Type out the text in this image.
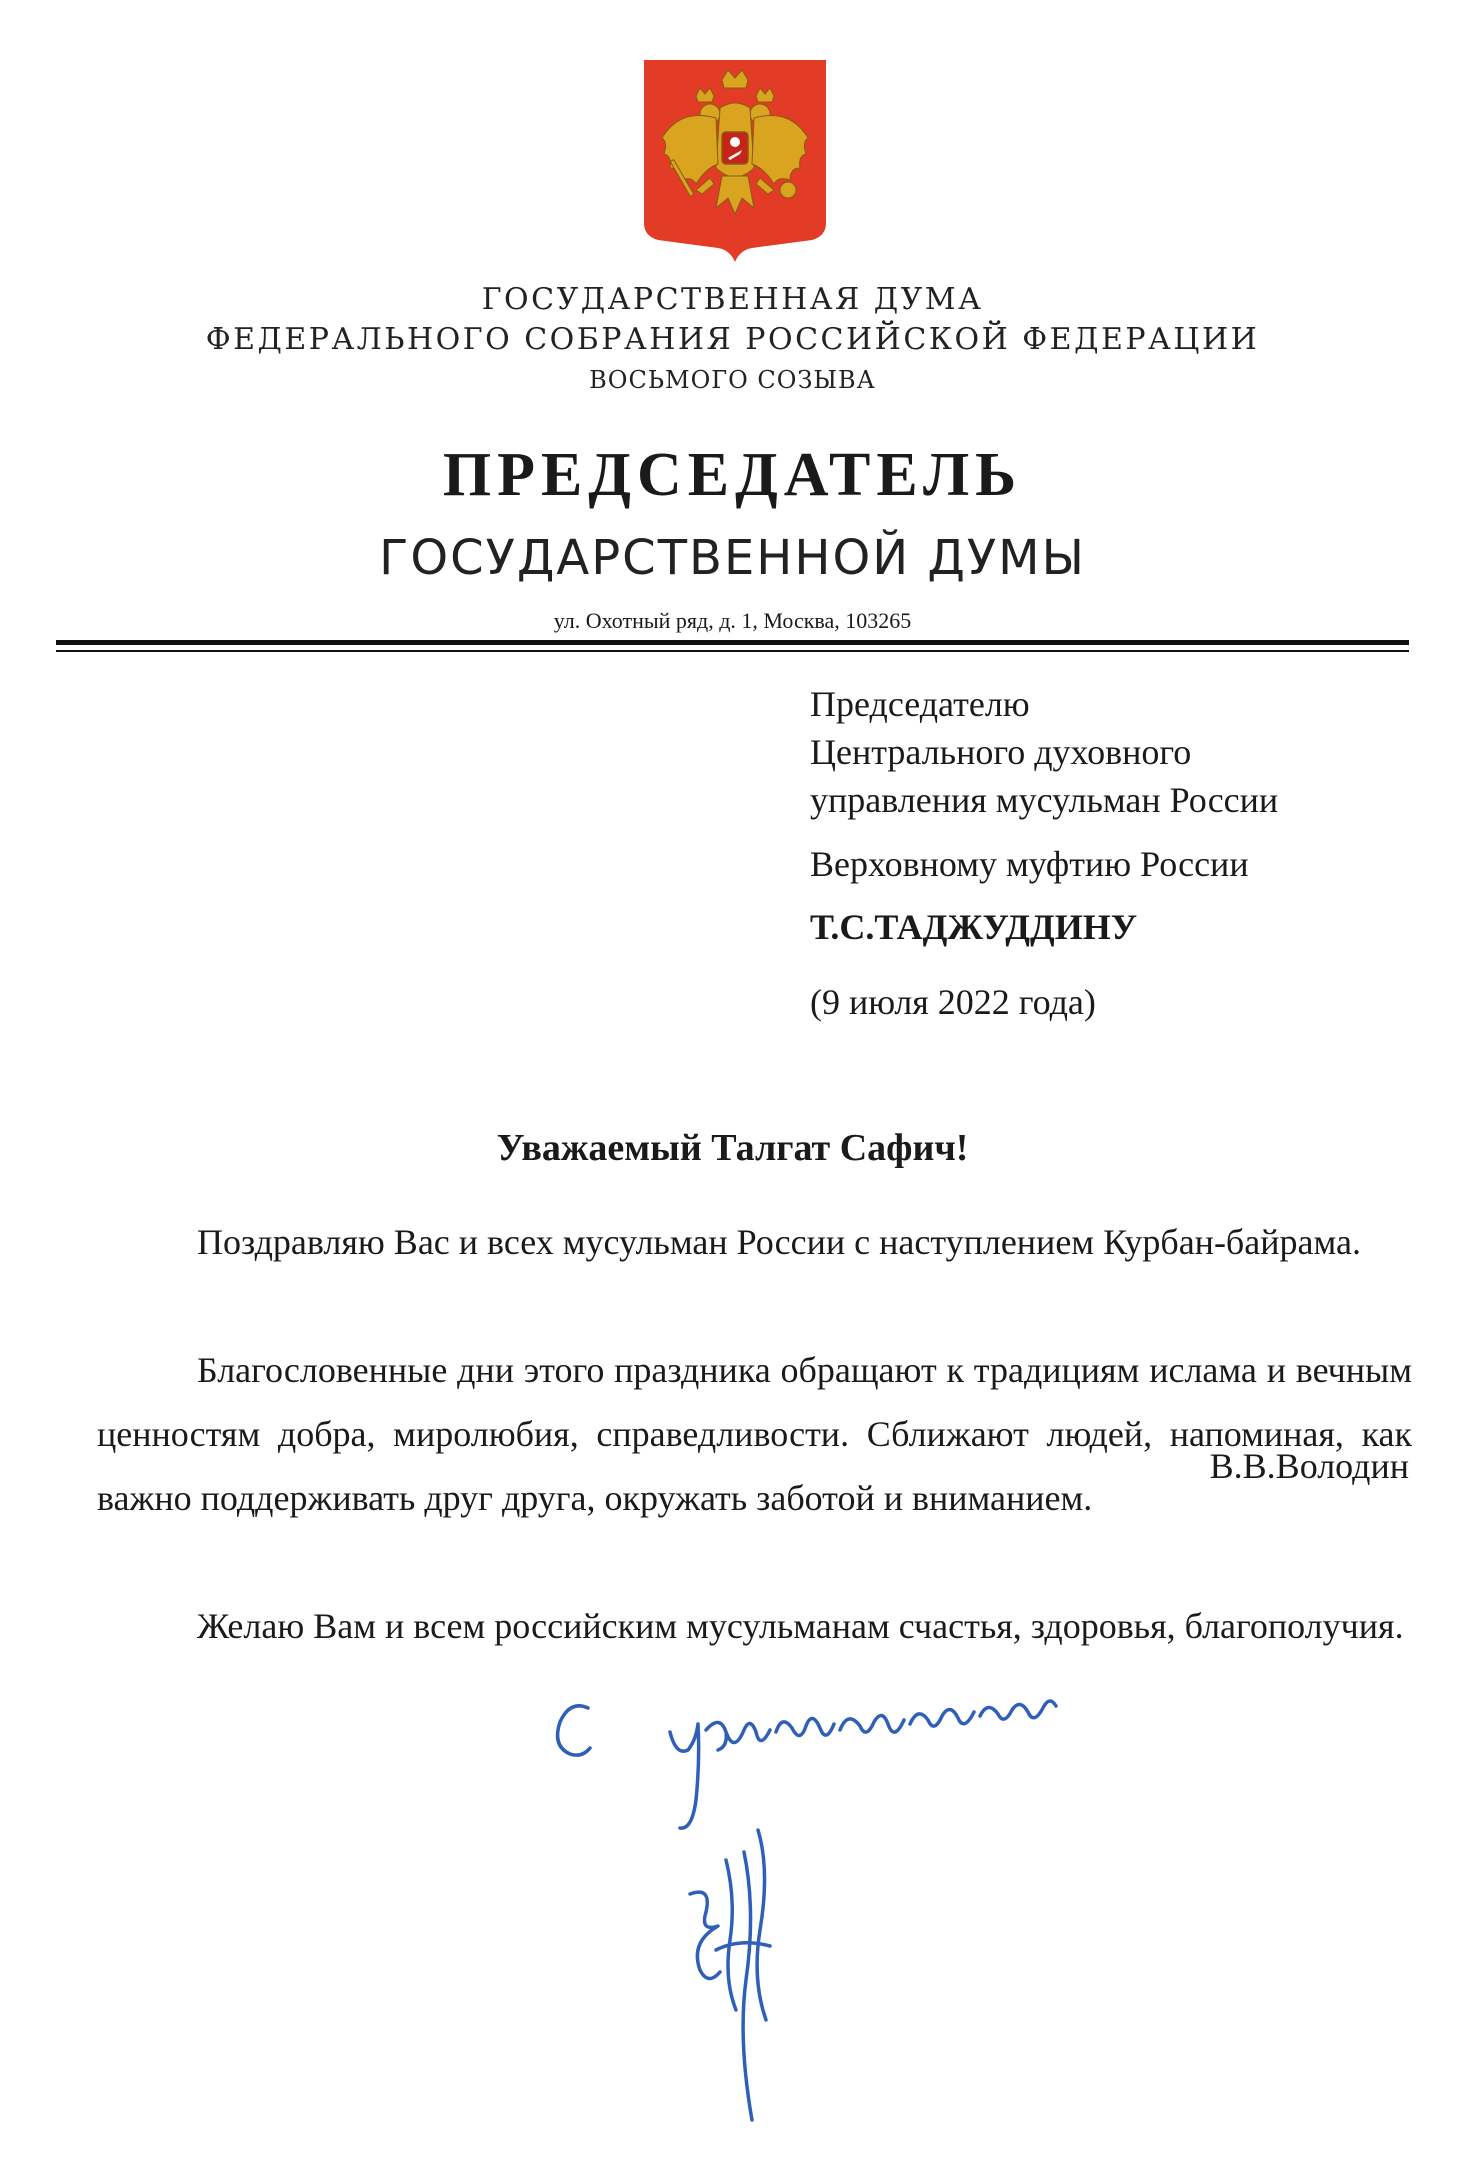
ГОСУДАРСТВЕННАЯ ДУМА
ФЕДЕРАЛЬНОГО СОБРАНИЯ РОССИЙСКОЙ ФЕДЕРАЦИИ
ВОСЬМОГО СОЗЫВА
ПРЕДСЕДАТЕЛЬ
ГОСУДАРСТВЕННОЙ ДУМЫ
ул. Охотный ряд, д. 1, Москва, 103265
Председателю
Центрального духовного
управления мусульман России
Верховному муфтию России
Т.С.ТАДЖУДДИНУ
(9 июля 2022 года)
Уважаемый Талгат Сафич!

Поздравляю Вас и всех мусульман России с наступлением Курбан-байрама.

Благословенные дни этого праздника обращают к традициям ислама и вечным ценностям добра, миролюбия, справедливости. Сближают людей, напоминая, как важно поддерживать друг друга, окружать заботой и вниманием.

Желаю Вам и всем российским мусульманам счастья, здоровья, благополучия.

В.В.Володин
